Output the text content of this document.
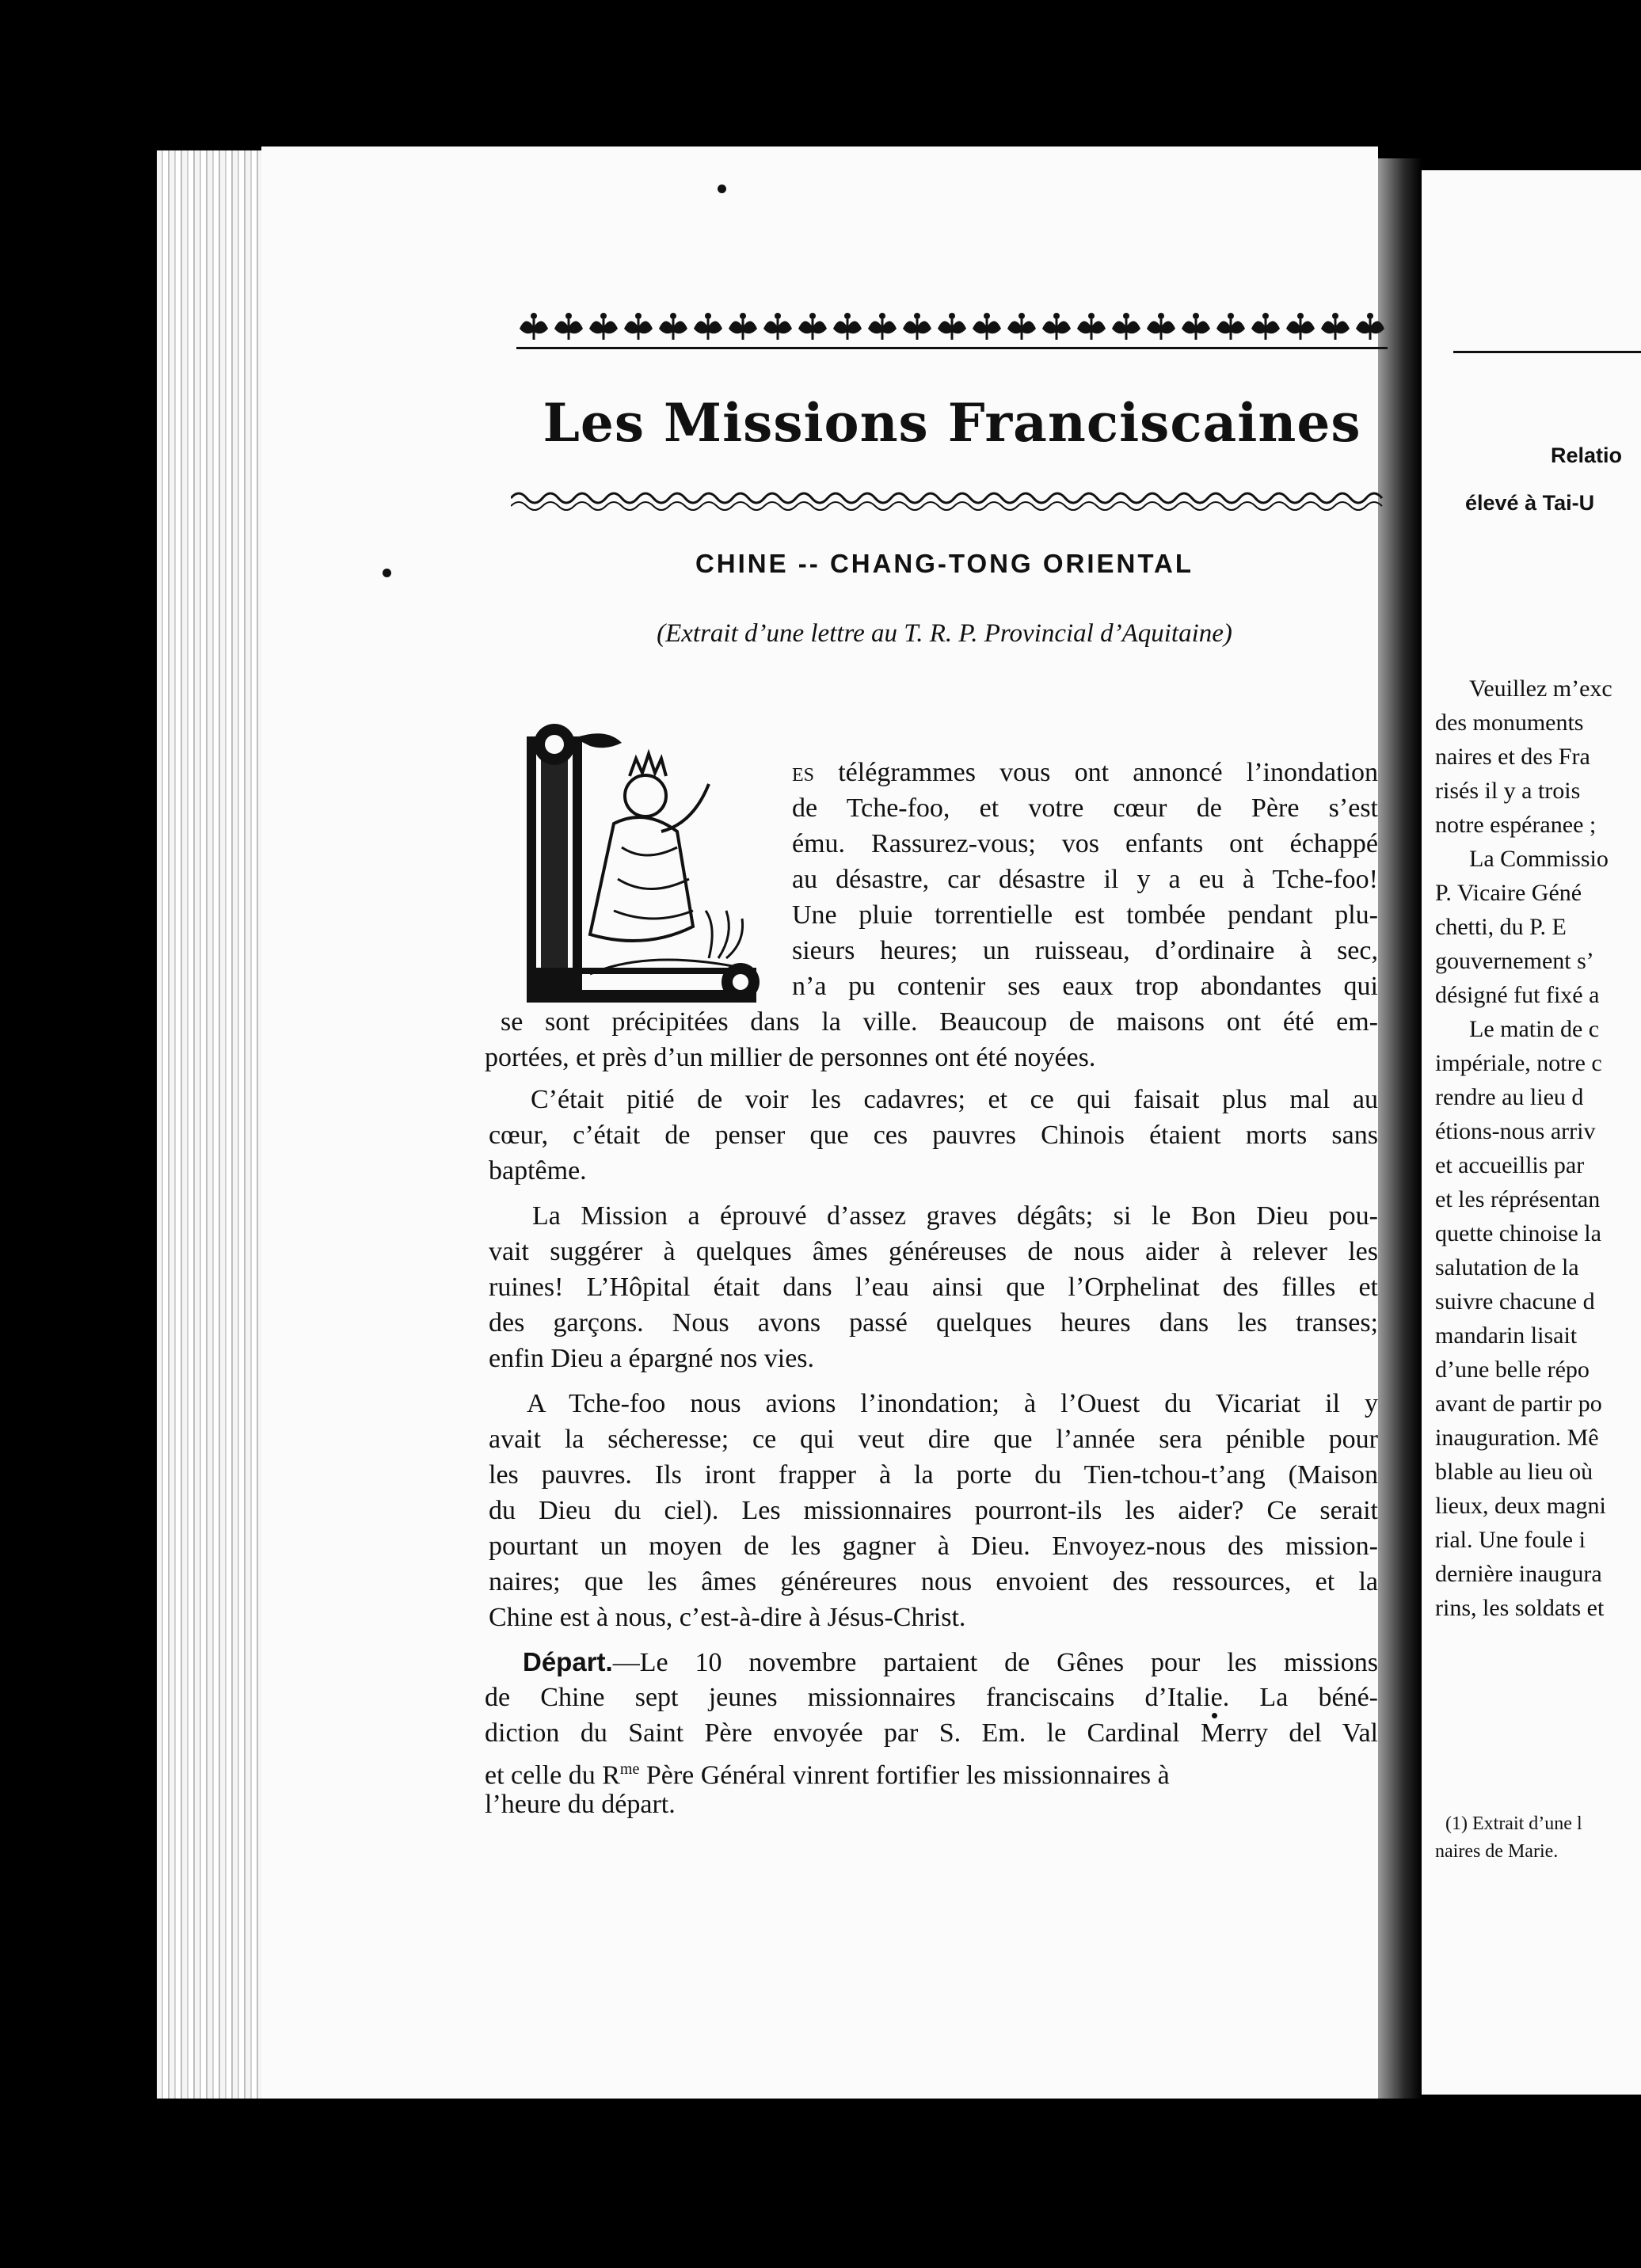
Les Missions Franciscaines
CHINE -- CHANG-TONG ORIENTAL
(Extrait d’une lettre au T. R. P. Provincial d’Aquitaine)
es télégrammes vous ont annoncé l’inondation
de Tche-foo, et votre cœur de Père s’est
ému. Rassurez-vous; vos enfants ont échappé
au désastre, car désastre il y a eu à Tche-foo!
Une pluie torrentielle est tombée pendant plu-
sieurs heures; un ruisseau, d’ordinaire à sec,
n’a pu contenir ses eaux trop abondantes qui
se sont précipitées dans la ville. Beaucoup de maisons ont été em-
portées, et près d’un millier de personnes ont été noyées.
C’était pitié de voir les cadavres; et ce qui faisait plus mal au
cœur, c’était de penser que ces pauvres Chinois étaient morts sans
baptême.
La Mission a éprouvé d’assez graves dégâts; si le Bon Dieu pou-
vait suggérer à quelques âmes généreuses de nous aider à relever les
ruines! L’Hôpital était dans l’eau ainsi que l’Orphelinat des filles et
des garçons. Nous avons passé quelques heures dans les transes;
enfin Dieu a épargné nos vies.
A Tche-foo nous avions l’inondation; à l’Ouest du Vicariat il y
avait la sécheresse; ce qui veut dire que l’année sera pénible pour
les pauvres. Ils iront frapper à la porte du Tien-tchou-t’ang (Maison
du Dieu du ciel). Les missionnaires pourront-ils les aider? Ce serait
pourtant un moyen de les gagner à Dieu. Envoyez-nous des mission-
naires; que les âmes généreures nous envoient des ressources, et la
Chine est à nous, c’est-à-dire à Jésus-Christ.
Départ.—Le 10 novembre partaient de Gênes pour les missions
de Chine sept jeunes missionnaires franciscains d’Italie. La béné-
diction du Saint Père envoyée par S. Em. le Cardinal Merry del Val
et celle du $R^{me}$ Père Général vinrent fortifier les missionnaires à
l’heure du départ.
Relatio
élevé à Tai-U
Veuillez m’exc
des monuments
naires et des Fra
risés il y a trois
notre espéranee ;
La Commissio
P. Vicaire Géné
chetti, du P. E
gouvernement s’
désigné fut fixé a
Le matin de c
impériale, notre c
rendre au lieu d
étions-nous arriv
et accueillis par
et les réprésentan
quette chinoise la
salutation de la
suivre chacune d
mandarin lisait
d’une belle répo
avant de partir po
inauguration. Mê
blable au lieu où
lieux, deux magni
rial. Une foule i
dernière inaugura
rins, les soldats et
(1) Extrait d’une l
naires de Marie.
